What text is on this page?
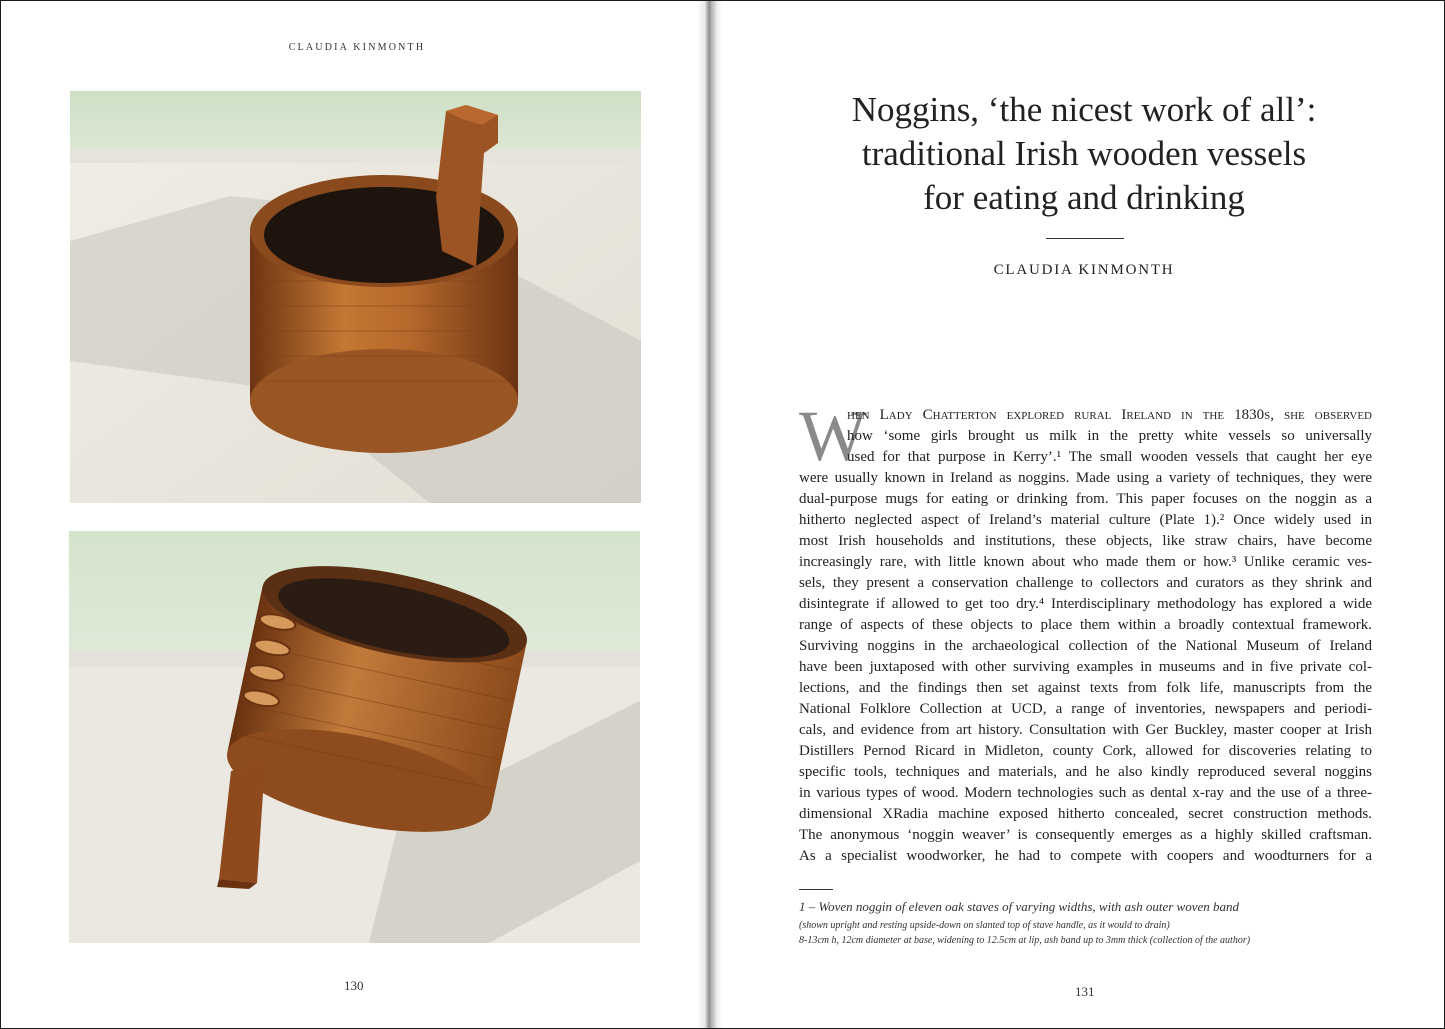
CLAUDIA KINMONTH
130
Noggins, ‘the nicest work of all’:
traditional Irish wooden vessels
for eating and drinking
CLAUDIA KINMONTH
W
hen Lady Chatterton explored rural Ireland in the 1830s, she observed
how ‘some girls brought us milk in the pretty white vessels so universally
used for that purpose in Kerry’.¹ The small wooden vessels that caught her eye
were usually known in Ireland as noggins. Made using a variety of techniques, they were
dual-purpose mugs for eating or drinking from. This paper focuses on the noggin as a
hitherto neglected aspect of Ireland’s material culture (Plate 1).² Once widely used in
most Irish households and institutions, these objects, like straw chairs, have become
increasingly rare, with little known about who made them or how.³ Unlike ceramic ves-
sels, they present a conservation challenge to collectors and curators as they shrink and
disintegrate if allowed to get too dry.⁴ Interdisciplinary methodology has explored a wide
range of aspects of these objects to place them within a broadly contextual framework.
Surviving noggins in the archaeological collection of the National Museum of Ireland
have been juxtaposed with other surviving examples in museums and in five private col-
lections, and the findings then set against texts from folk life, manuscripts from the
National Folklore Collection at UCD, a range of inventories, newspapers and periodi-
cals, and evidence from art history. Consultation with Ger Buckley, master cooper at Irish
Distillers Pernod Ricard in Midleton, county Cork, allowed for discoveries relating to
specific tools, techniques and materials, and he also kindly reproduced several noggins
in various types of wood. Modern technologies such as dental x-ray and the use of a three-
dimensional XRadia machine exposed hitherto concealed, secret construction methods.
The anonymous ‘noggin weaver’ is consequently emerges as a highly skilled craftsman.
As a specialist woodworker, he had to compete with coopers and woodturners for a
1 – Woven noggin of eleven oak staves of varying widths, with ash outer woven band
(shown upright and resting upside-down on slanted top of stave handle, as it would to drain)
8-13cm h, 12cm diameter at base, widening to 12.5cm at lip, ash band up to 3mm thick (collection of the author)
131
